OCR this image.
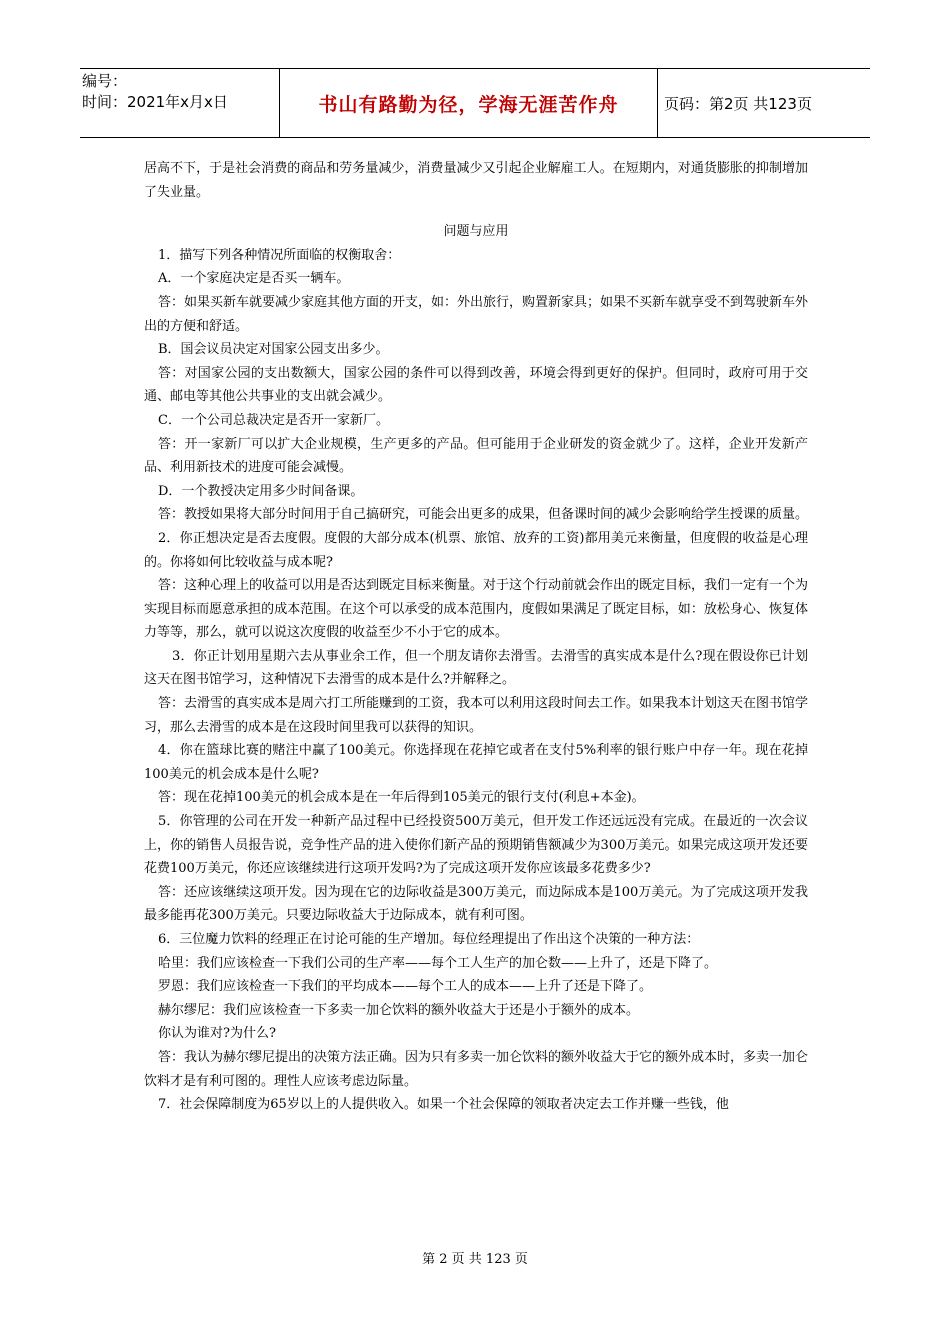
编号：
时间：2021年x月x日	书山有路勤为径，学海无涯苦作舟	页码：第2页 共123页

居高不下，于是社会消费的商品和劳务量减少，消费量减少又引起企业解雇工人。在短期内，对通货膨胀的抑制增加了失业量。

问题与应用

1．描写下列各种情况所面临的权衡取舍：

A．一个家庭决定是否买一辆车。

答：如果买新车就要减少家庭其他方面的开支，如：外出旅行，购置新家具；如果不买新车就享受不到驾驶新车外出的方便和舒适。

B．国会议员决定对国家公园支出多少。

答：对国家公园的支出数额大，国家公园的条件可以得到改善，环境会得到更好的保护。但同时，政府可用于交通、邮电等其他公共事业的支出就会减少。

C．一个公司总裁决定是否开一家新厂。

答：开一家新厂可以扩大企业规模，生产更多的产品。但可能用于企业研发的资金就少了。这样，企业开发新产品、利用新技术的进度可能会减慢。

D．一个教授决定用多少时间备课。

答：教授如果将大部分时间用于自己搞研究，可能会出更多的成果，但备课时间的减少会影响给学生授课的质量。

2．你正想决定是否去度假。度假的大部分成本(机票、旅馆、放弃的工资)都用美元来衡量，但度假的收益是心理的。你将如何比较收益与成本呢?

答：这种心理上的收益可以用是否达到既定目标来衡量。对于这个行动前就会作出的既定目标，我们一定有一个为实现目标而愿意承担的成本范围。在这个可以承受的成本范围内，度假如果满足了既定目标，如：放松身心、恢复体力等等，那么，就可以说这次度假的收益至少不小于它的成本。

3．你正计划用星期六去从事业余工作，但一个朋友请你去滑雪。去滑雪的真实成本是什么?现在假设你已计划这天在图书馆学习，这种情况下去滑雪的成本是什么?并解释之。

答：去滑雪的真实成本是周六打工所能赚到的工资，我本可以利用这段时间去工作。如果我本计划这天在图书馆学习，那么去滑雪的成本是在这段时间里我可以获得的知识。

4．你在篮球比赛的赌注中赢了100美元。你选择现在花掉它或者在支付5%利率的银行账户中存一年。现在花掉100美元的机会成本是什么呢?

答：现在花掉100美元的机会成本是在一年后得到105美元的银行支付(利息+本金)。

5．你管理的公司在开发一种新产品过程中已经投资500万美元，但开发工作还远远没有完成。在最近的一次会议上，你的销售人员报告说，竞争性产品的进入使你们新产品的预期销售额减少为300万美元。如果完成这项开发还要花费100万美元，你还应该继续进行这项开发吗?为了完成这项开发你应该最多花费多少?

答：还应该继续这项开发。因为现在它的边际收益是300万美元，而边际成本是100万美元。为了完成这项开发我最多能再花300万美元。只要边际收益大于边际成本，就有利可图。

6．三位魔力饮料的经理正在讨论可能的生产增加。每位经理提出了作出这个决策的一种方法：

哈里：我们应该检查一下我们公司的生产率——每个工人生产的加仑数——上升了，还是下降了。

罗恩：我们应该检查一下我们的平均成本——每个工人的成本——上升了还是下降了。

赫尔缪尼：我们应该检查一下多卖一加仑饮料的额外收益大于还是小于额外的成本。

你认为谁对?为什么?

答：我认为赫尔缪尼提出的决策方法正确。因为只有多卖一加仑饮料的额外收益大于它的额外成本时，多卖一加仑饮料才是有利可图的。理性人应该考虑边际量。

7．社会保障制度为65岁以上的人提供收入。如果一个社会保障的领取者决定去工作并赚一些钱，他

第 2 页 共 123 页
